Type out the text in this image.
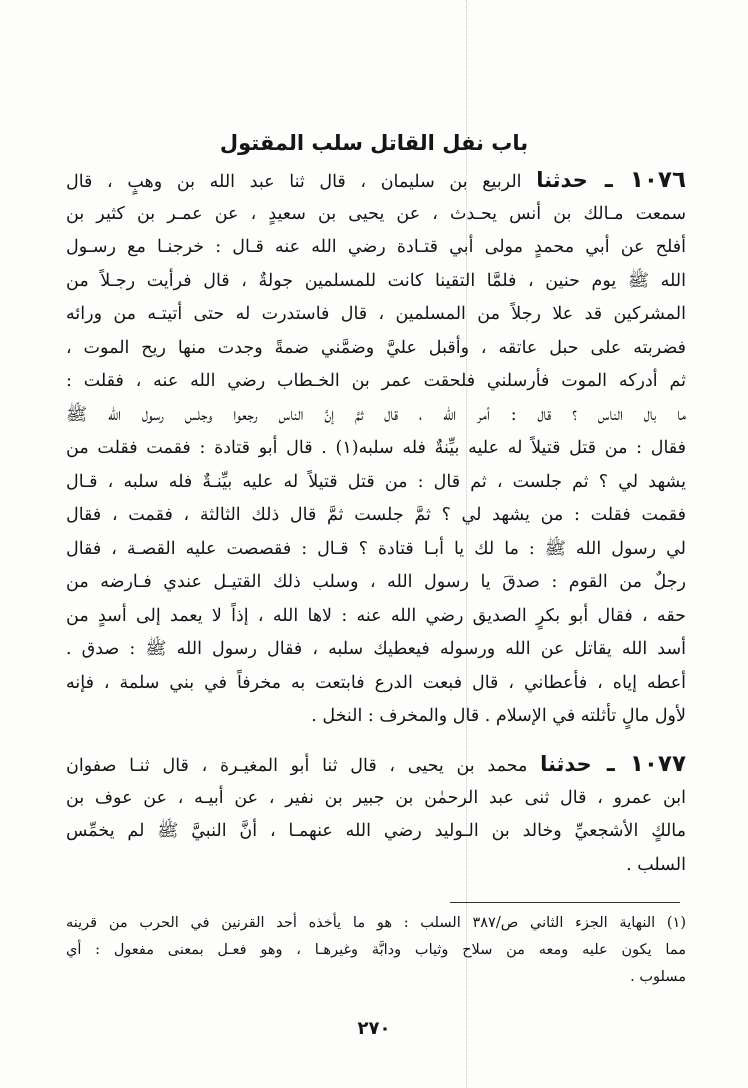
باب نفل القاتل سلب المقتول
١٠٧٦ ـ حدثنا الربيع بن سليمان ، قال ثنا عبد الله بن وهبٍ ، قال
سمعت مـالك بن أنس يحـدث ، عن يحيى بن سعيدٍ ، عن عمـر بن كثير بن
أفلح عن أبي محمدٍ مولى أبي قتـادة رضي الله عنه قـال : خرجنـا مع رسـول
الله ﷺ يوم حنين ، فلمَّا التقينا كانت للمسلمين جولةٌ ، قال فرأيت رجـلاً من
المشركين قد علا رجلاً من المسلمين ، قال فاستدرت له حتى أتيتـه من ورائه
فضربته على حبل عاتقه ، وأقبل عليَّ وضمَّني ضمةً وجدت منها ريح الموت ،
ثم أدركه الموت فأرسلني فلحقت عمر بن الخـطاب رضي الله عنه ، فقلت :
ما بال الناس ؟ قال : أمر الله ، قال ثمَّ إنَّ الناس رجعوا وجلس رسول الله ﷺ
فقال : من قتل قتيلاً له عليه بيِّنةٌ فله سلبه(١) . قال أبو قتادة : فقمت فقلت من
يشهد لي ؟ ثم جلست ، ثم قال : من قتل قتيلاً له عليه بيِّنـةٌ فله سلبه ، قـال
فقمت فقلت : من يشهد لي ؟ ثمَّ جلست ثمَّ قال ذلك الثالثة ، فقمت ، فقال
لي رسول الله ﷺ : ما لك يا أبـا قتادة ؟ قـال : فقصصت عليه القصـة ، فقال
رجلٌ من القوم : صدقَ يا رسول الله ، وسلب ذلك القتيـل عندي فـارضه من
حقه ، فقال أبو بكرٍ الصديق رضي الله عنه : لاها الله ، إذاً لا يعمد إلى أسدٍ من
أسد الله يقاتل عن الله ورسوله فيعطيك سلبه ، فقال رسول الله ﷺ : صدق .
أعطه إياه ، فأعطاني ، قال فبعت الدرع فابتعت به مخرفاً في بني سلمة ، فإنه
لأول مالٍ تأثلته في الإسلام . قال والمخرف : النخل .
١٠٧٧ ـ حدثنا محمد بن يحيى ، قال ثنا أبو المغيـرة ، قال ثنـا صفوان
ابن عمرو ، قال ثنى عبد الرحمٰن بن جبير بن نفير ، عن أبيـه ، عن عوف بن
مالكٍ الأشجعيِّ وخالد بن الـوليد رضي الله عنهمـا ، أنَّ النبيَّ ﷺ لم يخمِّس
السلب .
(١) النهاية الجزء الثاني ص/٣٨٧ السلب : هو ما يأخذه أحد القرنين في الحرب من قرينه
مما يكون عليه ومعه من سلاح وثياب ودابَّة وغيرهـا ، وهو فعـل بمعنى مفعول : أي
مسلوب .
٢٧٠
